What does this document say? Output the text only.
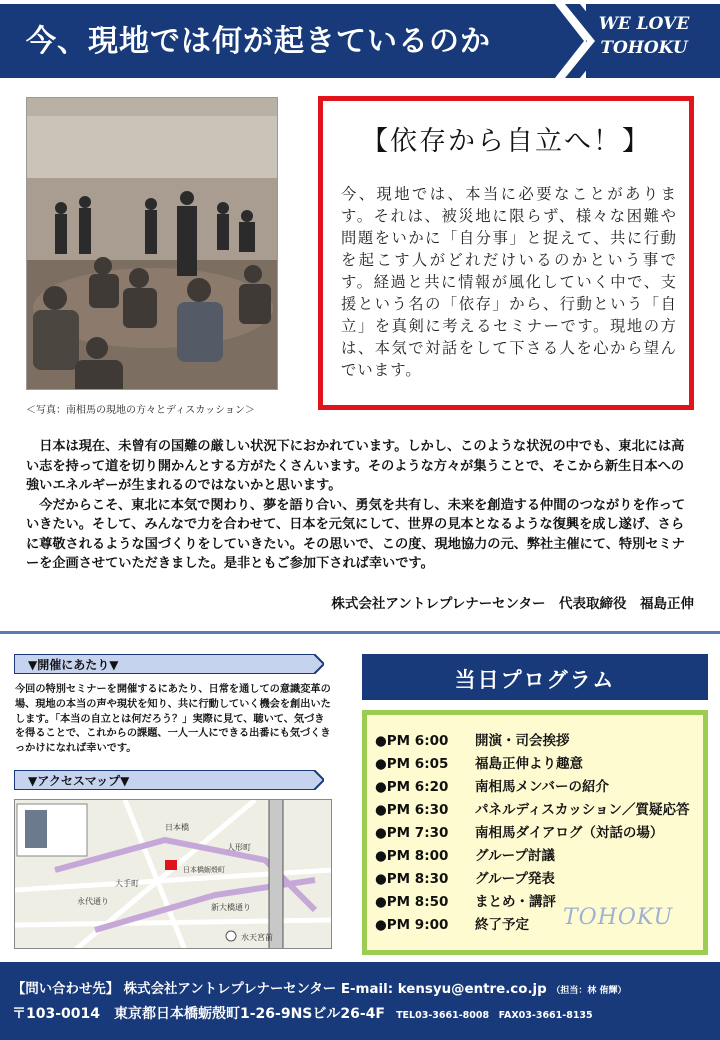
今、現地では何が起きているのか	WE LOVE
TOHOKU
＜写真：南相馬の現地の方々とディスカッション＞
【依存から自立へ！】
今、現地では、本当に必要なことがあります。それは、被災地に限らず、様々な困難や問題をいかに「自分事」と捉えて、共に行動を起こす人がどれだけいるのかという事です。経過と共に情報が風化していく中で、支援という名の「依存」から、行動という「自立」を真剣に考えるセミナーです。現地の方は、本気で対話をして下さる人を心から望んでいます。

日本は現在、未曾有の国難の厳しい状況下におかれています。しかし、このような状況の中でも、東北には高い志を持って道を切り開かんとする方がたくさんいます。そのような方々が集うことで、そこから新生日本への強いエネルギーが生まれるのではないかと思います。

今だからこそ、東北に本気で関わり、夢を語り合い、勇気を共有し、未来を創造する仲間のつながりを作っていきたい。そして、みんなで力を合わせて、日本を元気にして、世界の見本となるような復興を成し遂げ、さらに尊敬されるような国づくりをしていきたい。その思いで、この度、現地協力の元、弊社主催にて、特別セミナーを企画させていただきました。是非ともご参加下されば幸いです。

株式会社アントレプレナーセンター　代表取締役　福島正伸
▼開催にあたり▼
今回の特別セミナーを開催するにあたり、日常を通しての意識変革の場、現地の本当の声や現状を知り、共に行動していく機会を創出いたします。「本当の自立とは何だろう？」実際に見て、聴いて、気づきを得ることで、これからの課題、一人一人にできる出番にも気づくきっかけになれば幸いです。
▼アクセスマップ▼
大手町
永代通り
日本橋
日本橋蛎殻町
新大橋通り
水天宮前
人形町
当日プログラム
●PM 6:00 開演・司会挨拶
●PM 6:05 福島正伸より趣意
●PM 6:20 南相馬メンバーの紹介
●PM 6:30 パネルディスカッション／質疑応答
●PM 7:30 南相馬ダイアログ（対話の場）
●PM 8:00 グループ討議
●PM 8:30 グループ発表
●PM 8:50 まとめ・講評
●PM 9:00 終了予定	TOHOKU
【問い合わせ先】 株式会社アントレプレナーセンター E-mail: kensyu@entre.co.jp （担当：林 侑輝）
〒103-0014　東京都日本橋蛎殻町1-26-9NSビル26-4F TEL03-3661-8008　FAX03-3661-8135
